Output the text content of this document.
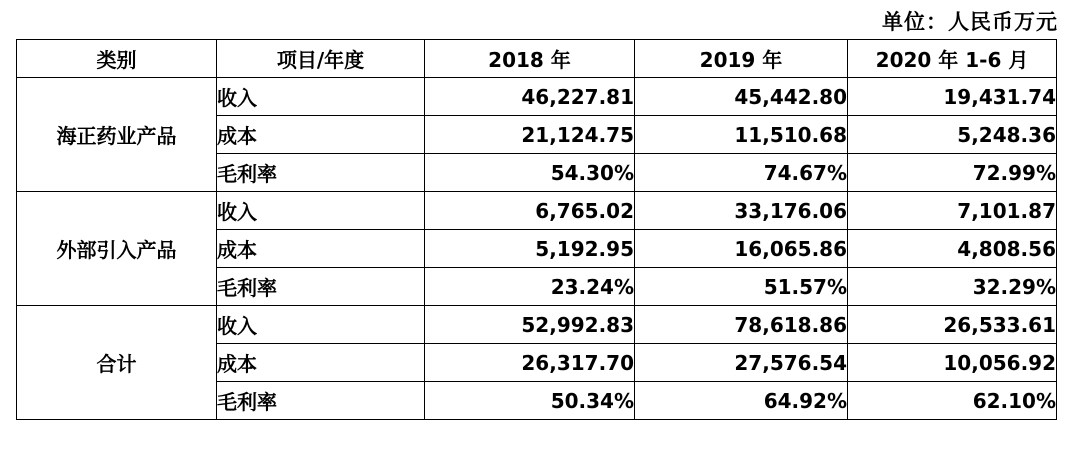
单位：人民币万元
类别	项目/年度	2018 年	2019 年	2020 年 1-6 月
海正药业产品	收入	46,227.81	45,442.80	19,431.74
	成本	21,124.75	11,510.68	5,248.36
	毛利率	54.30%	74.67%	72.99%
外部引入产品	收入	6,765.02	33,176.06	7,101.87
	成本	5,192.95	16,065.86	4,808.56
	毛利率	23.24%	51.57%	32.29%
合计	收入	52,992.83	78,618.86	26,533.61
	成本	26,317.70	27,576.54	10,056.92
	毛利率	50.34%	64.92%	62.10%
